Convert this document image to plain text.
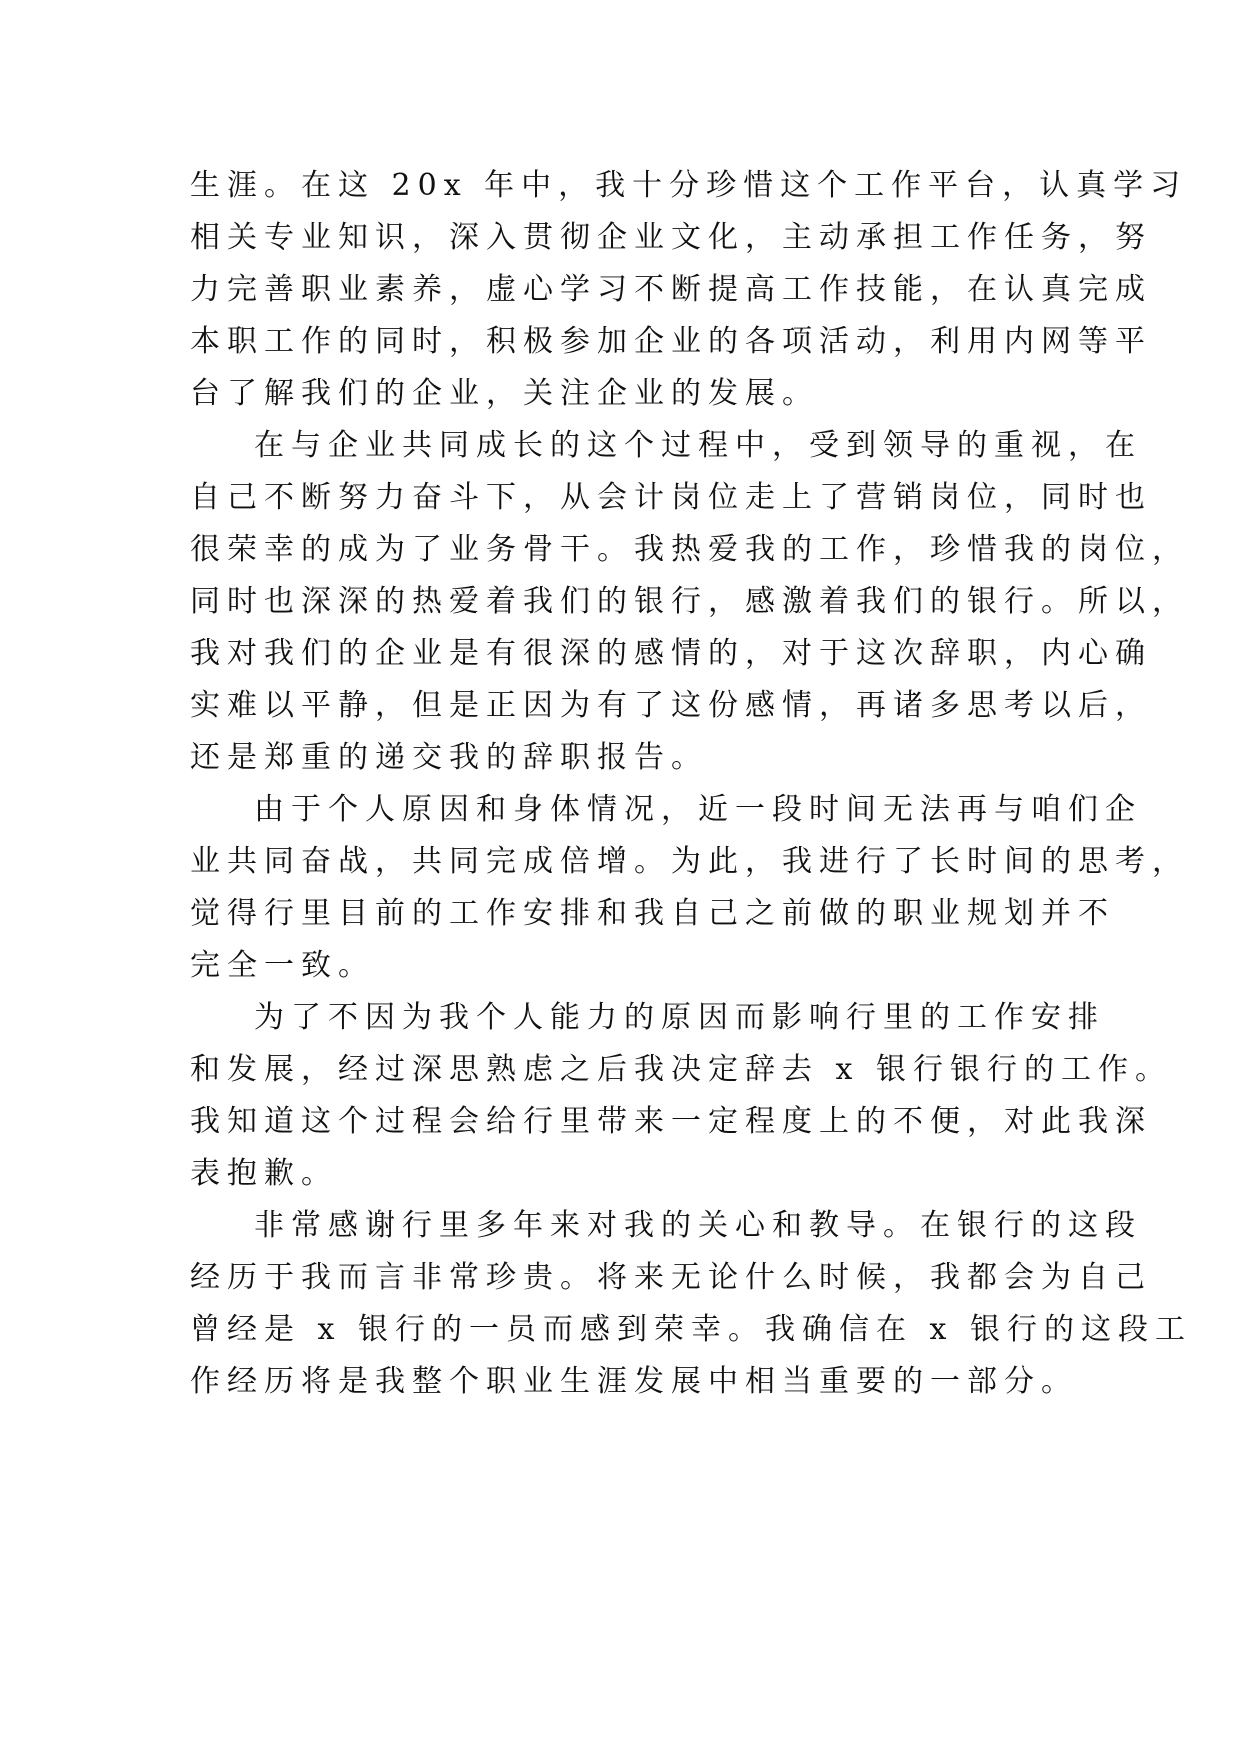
生涯。在这 20x 年中，我十分珍惜这个工作平台，认真学习
相关专业知识，深入贯彻企业文化，主动承担工作任务，努
力完善职业素养，虚心学习不断提高工作技能，在认真完成
本职工作的同时，积极参加企业的各项活动，利用内网等平
台了解我们的企业，关注企业的发展。

在与企业共同成长的这个过程中，受到领导的重视，在
自己不断努力奋斗下，从会计岗位走上了营销岗位，同时也
很荣幸的成为了业务骨干。我热爱我的工作，珍惜我的岗位，
同时也深深的热爱着我们的银行，感激着我们的银行。所以，
我对我们的企业是有很深的感情的，对于这次辞职，内心确
实难以平静，但是正因为有了这份感情，再诸多思考以后，
还是郑重的递交我的辞职报告。

由于个人原因和身体情况，近一段时间无法再与咱们企
业共同奋战，共同完成倍增。为此，我进行了长时间的思考，
觉得行里目前的工作安排和我自己之前做的职业规划并不
完全一致。

为了不因为我个人能力的原因而影响行里的工作安排
和发展，经过深思熟虑之后我决定辞去 x 银行银行的工作。
我知道这个过程会给行里带来一定程度上的不便，对此我深
表抱歉。

非常感谢行里多年来对我的关心和教导。在银行的这段
经历于我而言非常珍贵。将来无论什么时候，我都会为自己
曾经是 x 银行的一员而感到荣幸。我确信在 x 银行的这段工
作经历将是我整个职业生涯发展中相当重要的一部分。
